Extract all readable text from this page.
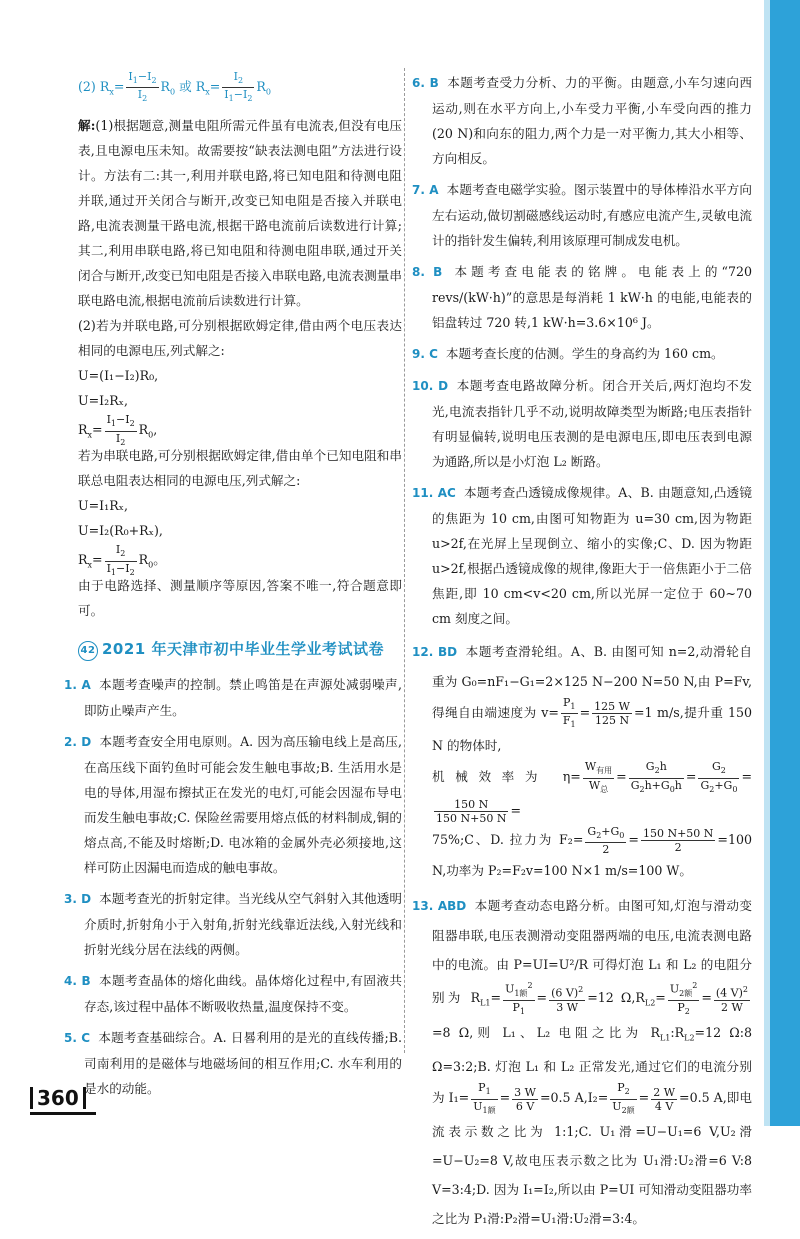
(2) $R_x= \frac{I_1-I_2}{I_2} R_0$ 或 $R_x= \frac{I_2}{I_1-I_2} R_0$

解:(1)根据题意,测量电阻所需元件虽有电流表,但没有电压表,且电源电压未知。故需要按“缺表法测电阻”方法进行设计。方法有二:其一,利用并联电路,将已知电阻和待测电阻并联,通过开关闭合与断开,改变已知电阻是否接入并联电路,电流表测量干路电流,根据干路电流前后读数进行计算;其二,利用串联电路,将已知电阻和待测电阻串联,通过开关闭合与断开,改变已知电阻是否接入串联电路,电流表测量串联电路电流,根据电流前后读数进行计算。

(2)若为并联电路,可分别根据欧姆定律,借由两个电压表达相同的电源电压,列式解之:

U=(I₁−I₂)R₀,

U=I₂Rₓ,

$R_x= \frac{I_1-I_2}{I_2} R_0$,

若为串联电路,可分别根据欧姆定律,借由单个已知电阻和串联总电阻表达相同的电源电压,列式解之:

U=I₁Rₓ,

U=I₂(R₀+Rₓ),

$R_x= \frac{I_2}{I_1-I_2} R_0$。

由于电路选择、测量顺序等原因,答案不唯一,符合题意即可。

42 2021 年天津市初中毕业生学业考试试卷

1. A 本题考查噪声的控制。禁止鸣笛是在声源处减弱噪声,即防止噪声产生。

2. D 本题考查安全用电原则。A. 因为高压输电线上是高压,在高压线下面钓鱼时可能会发生触电事故;B. 生活用水是电的导体,用湿布擦拭正在发光的电灯,可能会因湿布导电而发生触电事故;C. 保险丝需要用熔点低的材料制成,铜的熔点高,不能及时熔断;D. 电冰箱的金属外壳必须接地,这样可防止因漏电而造成的触电事故。

3. D 本题考查光的折射定律。当光线从空气斜射入其他透明介质时,折射角小于入射角,折射光线靠近法线,入射光线和折射光线分居在法线的两侧。

4. B 本题考查晶体的熔化曲线。晶体熔化过程中,有固液共存态,该过程中晶体不断吸收热量,温度保持不变。

5. C 本题考查基础综合。A. 日晷利用的是光的直线传播;B. 司南利用的是磁体与地磁场间的相互作用;C. 水车利用的是水的动能。

6. B 本题考查受力分析、力的平衡。由题意,小车匀速向西运动,则在水平方向上,小车受力平衡,小车受向西的推力(20 N)和向东的阻力,两个力是一对平衡力,其大小相等、方向相反。

7. A 本题考查电磁学实验。图示装置中的导体棒沿水平方向左右运动,做切割磁感线运动时,有感应电流产生,灵敏电流计的指针发生偏转,利用该原理可制成发电机。

8. B 本题考查电能表的铭牌。电能表上的“720 revs/(kW·h)”的意思是每消耗 1 kW·h 的电能,电能表的铝盘转过 720 转,1 kW·h=3.6×10⁶ J。

9. C 本题考查长度的估测。学生的身高约为 160 cm。

10. D 本题考查电路故障分析。闭合开关后,两灯泡均不发光,电流表指针几乎不动,说明故障类型为断路;电压表指针有明显偏转,说明电压表测的是电源电压,即电压表到电源为通路,所以是小灯泡 L₂ 断路。

11. AC 本题考查凸透镜成像规律。A、B. 由题意知,凸透镜的焦距为 10 cm,由图可知物距为 u=30 cm,因为物距 u>2f,在光屏上呈现倒立、缩小的实像;C、D. 因为物距 u>2f,根据凸透镜成像的规律,像距大于一倍焦距小于二倍焦距,即 10 cm<v<20 cm,所以光屏一定位于 60~70 cm 刻度之间。

12. BD 本题考查滑轮组。A、B. 由图可知 n=2,动滑轮自重为 G₀=nF₁−G₁=2×125 N−200 N=50 N,由 P=Fv,得绳自由端速度为 $v= \frac{P_1}{F_1} = \frac{125 W}{125 N} =1$ m/s,提升重 150 N 的物体时,
机械效率为 $\eta= \frac{W_{有用}}{W_总} = \frac{G_2h}{G_2h+G_0h} = \frac{G_2}{G_2+G_0}$ =
$\frac{150 N}{150 N+50 N}$ =
75%;C、D. 拉力为 $F_2= \frac{G_2+G_0}{2} = \frac{150 N+50 N}{2} =100$ N,功率为 P₂=F₂v=100 N×1 m/s=100 W。

13. ABD 本题考查动态电路分析。由图可知,灯泡与滑动变阻器串联,电压表测滑动变阻器两端的电压,电流表测电路中的电流。由 P=UI=U²/R 可得灯泡 L₁ 和 L₂ 的电阻分别为 $R_{L1}= \frac{U_{1额}^2}{P_1} = \frac{(6 V)^2}{3 W} =12$ $\Omega,R_{L2}= \frac{U_{2额}^2}{P_2} = \frac{(4 V)^2}{2 W}$
=8 Ω,则 L₁、L₂ 电阻之比为 $R_{L1}:R_{L2}=12$ Ω:8 Ω=3:2;B. 灯泡 L₁ 和 L₂ 正常发光,通过它们的电流分别为 $I_1= \frac{P_1}{U_{1额}} = \frac{3 W}{6 V} =0.5$ $A,I_2= \frac{P_2}{U_{2额}} = \frac{2 W}{4 V} =0.5$ A,即电流表示数之比为 1:1;C. U₁滑=U−U₁=6 V,U₂滑=U−U₂=8 V,故电压表示数之比为 U₁滑:U₂滑=6 V:8 V=3:4;D. 因为 I₁=I₂,所以由 P=UI 可知滑动变阻器功率之比为 P₁滑:P₂滑=U₁滑:U₂滑=3:4。

360
